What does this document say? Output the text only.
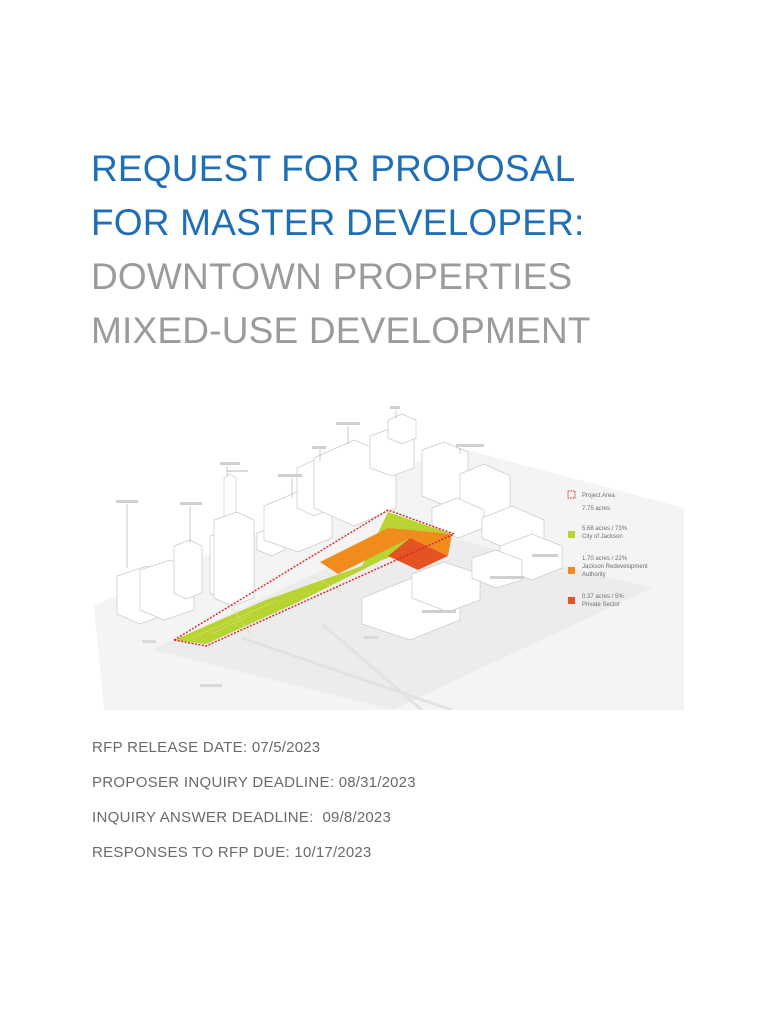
REQUEST FOR PROPOSAL
FOR MASTER DEVELOPER:
DOWNTOWN PROPERTIES
MIXED-USE DEVELOPMENT
Project Area
7.75 acres
5.68 acres / 73%
City of Jackson
1.70 acres / 22%
Jackson Redevelopment
Authority
0.37 acres / 5%
Private Sector
RFP RELEASE DATE: 07/5/2023
PROPOSER INQUIRY DEADLINE: 08/31/2023
INQUIRY ANSWER DEADLINE: 09/8/2023
RESPONSES TO RFP DUE: 10/17/2023
